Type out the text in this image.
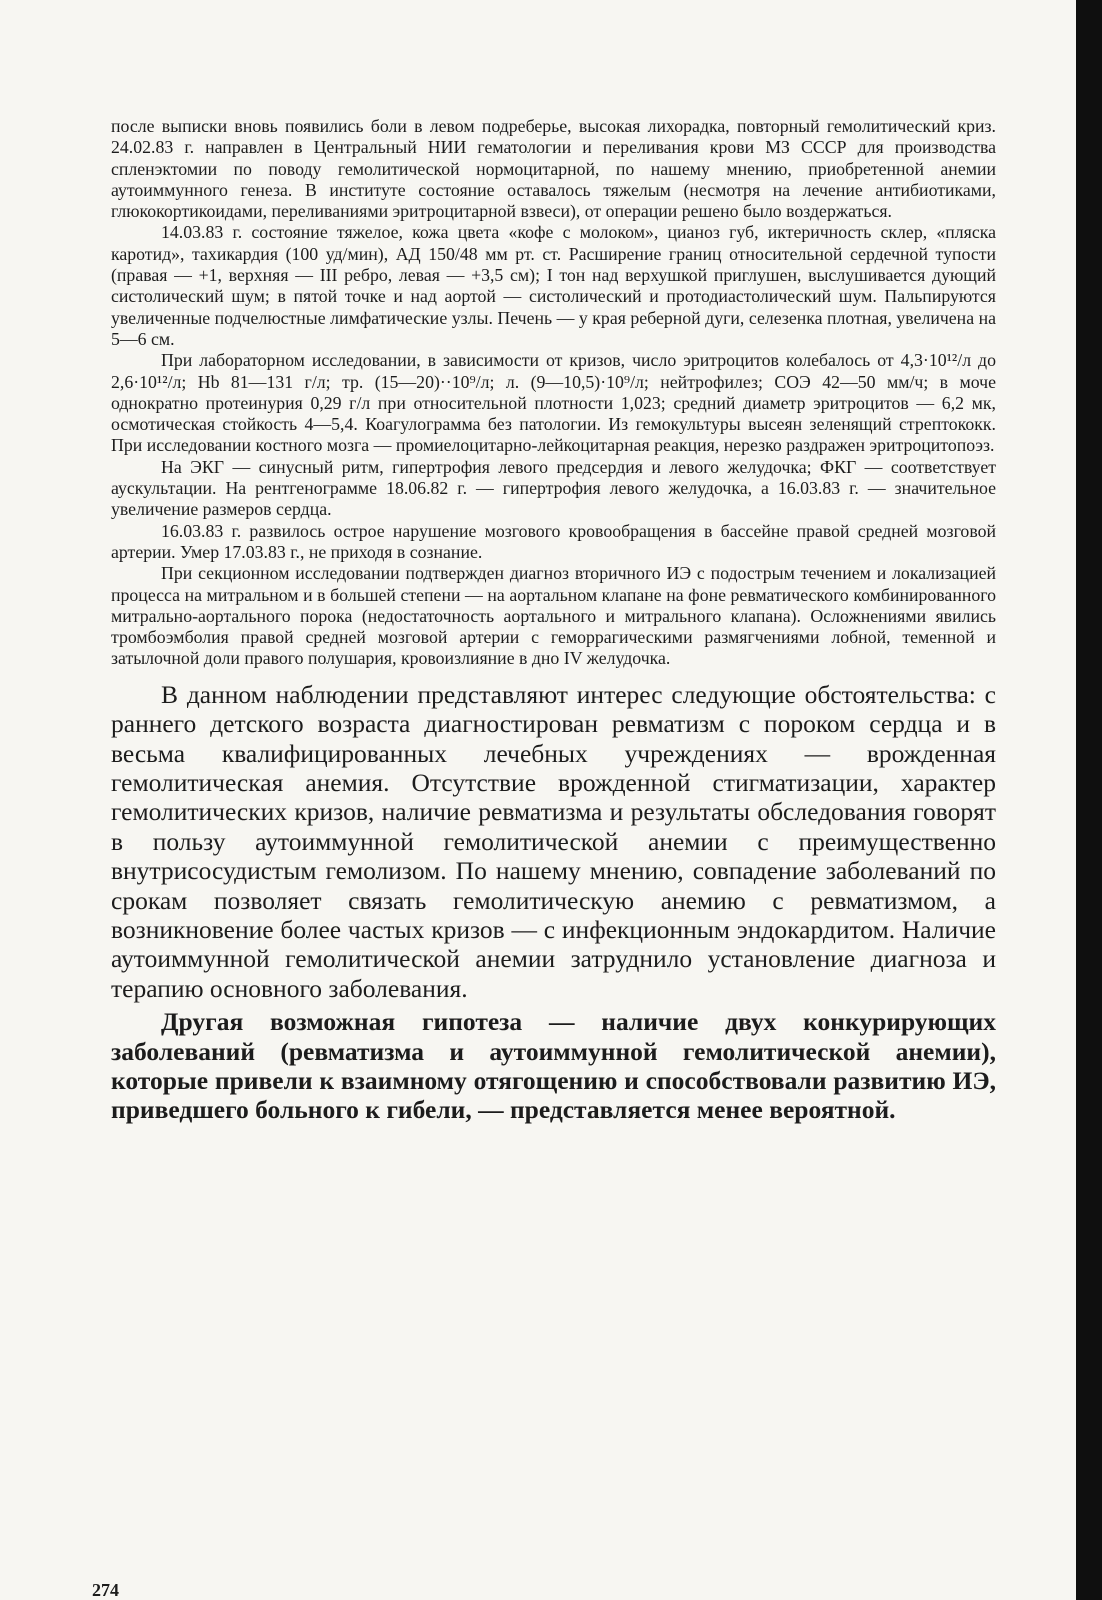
после выписки вновь появились боли в левом подреберье, высокая лихорадка, повторный гемолитический криз. 24.02.83 г. направлен в Центральный НИИ гематологии и переливания крови МЗ СССР для производства спленэктомии по поводу гемолитической нормоцитарной, по нашему мнению, приобретенной анемии аутоиммунного генеза. В институте состояние оставалось тяжелым (несмотря на лечение антибиотиками, глюкокортикоидами, переливаниями эритроцитарной взвеси), от операции решено было воздержаться.

14.03.83 г. состояние тяжелое, кожа цвета «кофе с молоком», цианоз губ, иктеричность склер, «пляска каротид», тахикардия (100 уд/мин), АД 150/48 мм рт. ст. Расширение границ относительной сердечной тупости (правая — +1, верхняя — III ребро, левая — +3,5 см); I тон над верхушкой приглушен, выслушивается дующий систолический шум; в пятой точке и над аортой — систолический и протодиастолический шум. Пальпируются увеличенные подчелюстные лимфатические узлы. Печень — у края реберной дуги, селезенка плотная, увеличена на 5—6 см.

При лабораторном исследовании, в зависимости от кризов, число эритроцитов колебалось от 4,3·10¹²/л до 2,6·10¹²/л; Hb 81—131 г/л; тр. (15—20)··10⁹/л; л. (9—10,5)·10⁹/л; нейтрофилез; СОЭ 42—50 мм/ч; в моче однократно протеинурия 0,29 г/л при относительной плотности 1,023; средний диаметр эритроцитов — 6,2 мк, осмотическая стойкость 4—5,4. Коагулограмма без патологии. Из гемокультуры высеян зеленящий стрептококк. При исследовании костного мозга — промиелоцитарно-лейкоцитарная реакция, нерезко раздражен эритроцитопоэз.

На ЭКГ — синусный ритм, гипертрофия левого предсердия и левого желудочка; ФКГ — соответствует аускультации. На рентгенограмме 18.06.82 г. — гипертрофия левого желудочка, а 16.03.83 г. — значительное увеличение размеров сердца.

16.03.83 г. развилось острое нарушение мозгового кровообращения в бассейне правой средней мозговой артерии. Умер 17.03.83 г., не приходя в сознание.

При секционном исследовании подтвержден диагноз вторичного ИЭ с подострым течением и локализацией процесса на митральном и в большей степени — на аортальном клапане на фоне ревматического комбинированного митрально-аортального порока (недостаточность аортального и митрального клапана). Осложнениями явились тромбоэмболия правой средней мозговой артерии с геморрагическими размягчениями лобной, теменной и затылочной доли правого полушария, кровоизлияние в дно IV желудочка.

В данном наблюдении представляют интерес следующие обстоятельства: с раннего детского возраста диагностирован ревматизм с пороком сердца и в весьма квалифицированных лечебных учреждениях — врожденная гемолитическая анемия. Отсутствие врожденной стигматизации, характер гемолитических кризов, наличие ревматизма и результаты обследования говорят в пользу аутоиммунной гемолитической анемии с преимущественно внутрисосудистым гемолизом. По нашему мнению, совпадение заболеваний по срокам позволяет связать гемолитическую анемию с ревматизмом, а возникновение более частых кризов — с инфекционным эндокардитом. Наличие аутоиммунной гемолитической анемии затруднило установление диагноза и терапию основного заболевания.

Другая возможная гипотеза — наличие двух конкурирующих заболеваний (ревматизма и аутоиммунной гемолитической анемии), которые привели к взаимному отягощению и способствовали развитию ИЭ, приведшего больного к гибели, — представляется менее вероятной.

274
